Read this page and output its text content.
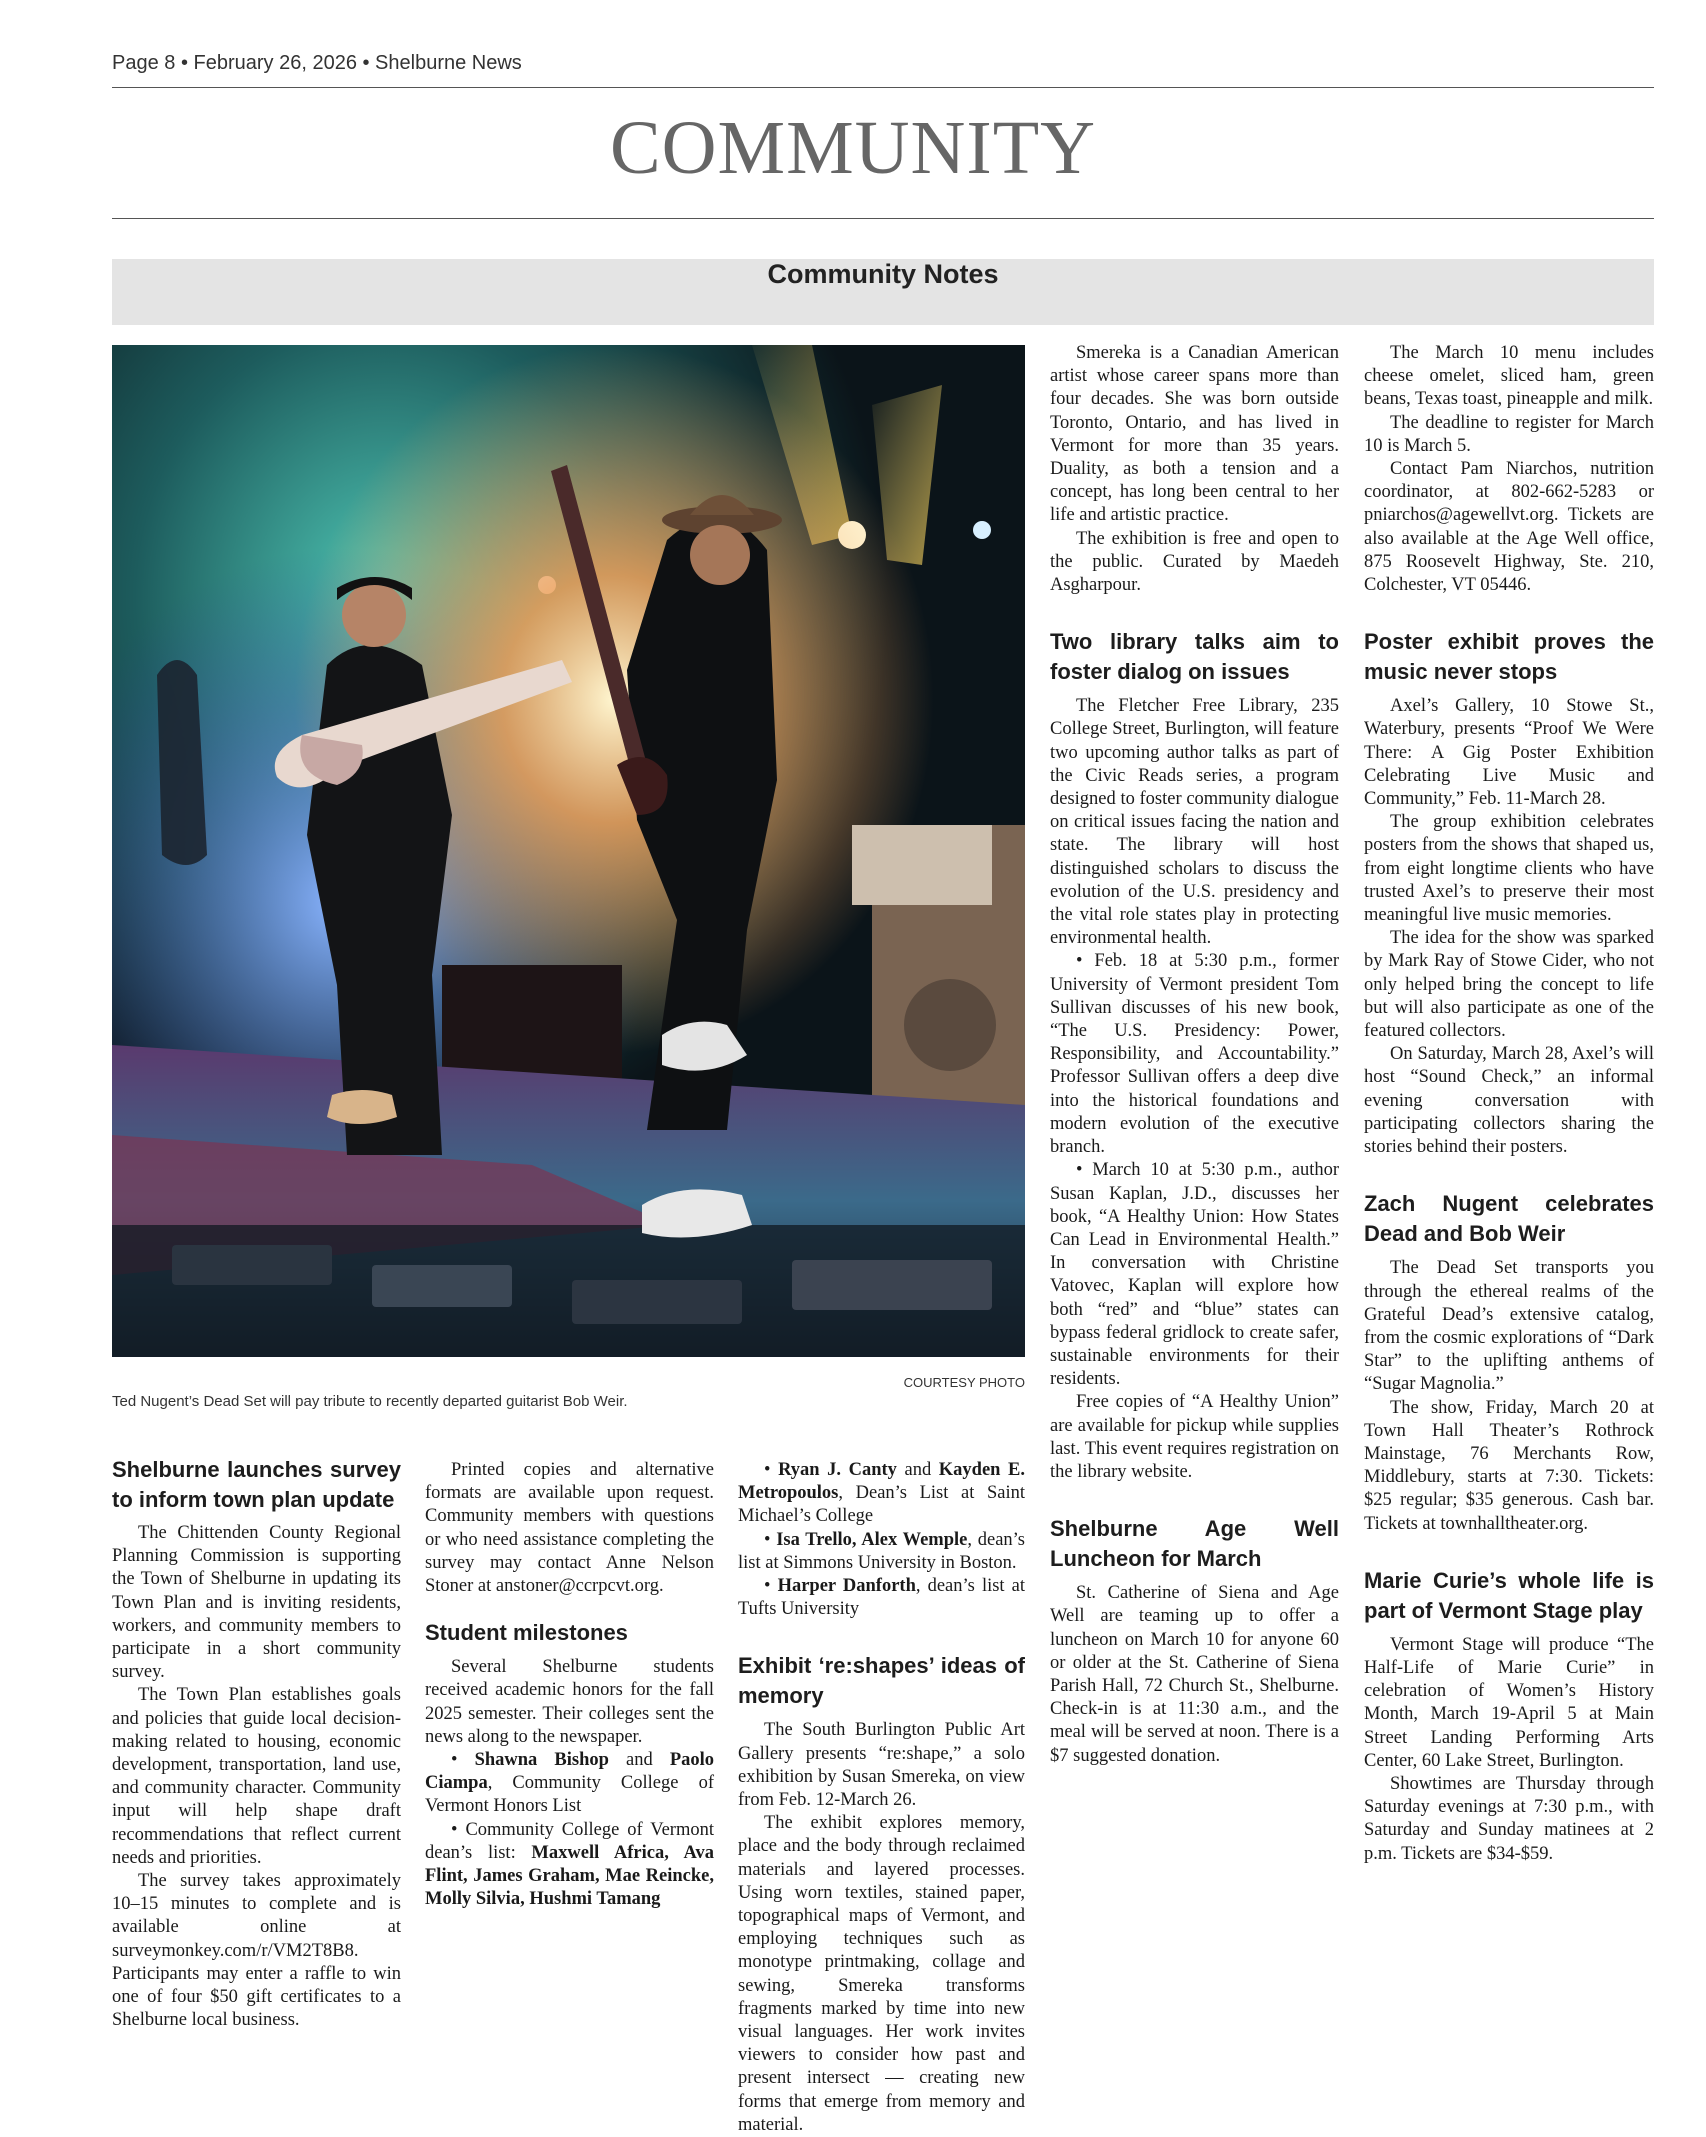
Page 8 • February 26, 2026 • Shelburne News
COMMUNITY
Community Notes
COURTESY PHOTO
Ted Nugent’s Dead Set will pay tribute to recently departed guitarist Bob Weir.
Shelburne launches survey to inform town plan update

The Chittenden County Regional Planning Commission is supporting the Town of Shelburne in updating its Town Plan and is inviting residents, workers, and community members to participate in a short community survey.

The Town Plan establishes goals and policies that guide local decision-making related to housing, economic development, transportation, land use, and community character. Community input will help shape draft recommendations that reflect current needs and priorities.

The survey takes approximately 10–15 minutes to complete and is available online at surveymonkey.com/r/VM2T8B8. Participants may enter a raffle to win one of four $50 gift certificates to a Shelburne local business.

Printed copies and alternative formats are available upon request. Community members with questions or who need assistance completing the survey may contact Anne Nelson Stoner at anstoner@ccrpcvt.org.

Student milestones

Several Shelburne students received academic honors for the fall 2025 semester. Their colleges sent the news along to the newspaper.

• Shawna Bishop and Paolo Ciampa, Community College of Vermont Honors List

• Community College of Vermont dean’s list: Maxwell Africa, Ava Flint, James Graham, Mae Reincke, Molly Silvia, Hushmi Tamang

• Ryan J. Canty and Kayden E. Metropoulos, Dean’s List at Saint Michael’s College

• Isa Trello, Alex Wemple, dean’s list at Simmons University in Boston.

• Harper Danforth, dean’s list at Tufts University

Exhibit ‘re:shapes’ ideas of memory

The South Burlington Public Art Gallery presents “re:shape,” a solo exhibition by Susan Smereka, on view from Feb. 12-March 26.

The exhibit explores memory, place and the body through reclaimed materials and layered processes. Using worn textiles, stained paper, topographical maps of Vermont, and employing techniques such as monotype printmaking, collage and sewing, Smereka transforms fragments marked by time into new visual languages. Her work invites viewers to consider how past and present intersect — creating new forms that emerge from memory and material.

Smereka is a Canadian American artist whose career spans more than four decades. She was born outside Toronto, Ontario, and has lived in Vermont for more than 35 years. Duality, as both a tension and a concept, has long been central to her life and artistic practice.

The exhibition is free and open to the public. Curated by Maedeh Asgharpour.

Two library talks aim to foster dialog on issues

The Fletcher Free Library, 235 College Street, Burlington, will feature two upcoming author talks as part of the Civic Reads series, a program designed to foster community dialogue on critical issues facing the nation and state. The library will host distinguished scholars to discuss the evolution of the U.S. presidency and the vital role states play in protecting environmental health.

• Feb. 18 at 5:30 p.m., former University of Vermont president Tom Sullivan discusses of his new book, “The U.S. Presidency: Power, Responsibility, and Accountability.” Professor Sullivan offers a deep dive into the historical foundations and modern evolution of the executive branch.

• March 10 at 5:30 p.m., author Susan Kaplan, J.D., discusses her book, “A Healthy Union: How States Can Lead in Environmental Health.” In conversation with Christine Vatovec, Kaplan will explore how both “red” and “blue” states can bypass federal gridlock to create safer, sustainable environments for their residents.

Free copies of “A Healthy Union” are available for pickup while supplies last. This event requires registration on the library website.

Shelburne Age Well Luncheon for March

St. Catherine of Siena and Age Well are teaming up to offer a luncheon on March 10 for anyone 60 or older at the St. Catherine of Siena Parish Hall, 72 Church St., Shelburne. Check-in is at 11:30 a.m., and the meal will be served at noon. There is a $7 suggested donation.

The March 10 menu includes cheese omelet, sliced ham, green beans, Texas toast, pineapple and milk.

The deadline to register for March 10 is March 5.

Contact Pam Niarchos, nutrition coordinator, at 802-662-5283 or pniarchos@agewellvt.org. Tickets are also available at the Age Well office, 875 Roosevelt Highway, Ste. 210, Colchester, VT 05446.

Poster exhibit proves the music never stops

Axel’s Gallery, 10 Stowe St., Waterbury, presents “Proof We Were There: A Gig Poster Exhibition Celebrating Live Music and Community,” Feb. 11-March 28.

The group exhibition celebrates posters from the shows that shaped us, from eight longtime clients who have trusted Axel’s to preserve their most meaningful live music memories.

The idea for the show was sparked by Mark Ray of Stowe Cider, who not only helped bring the concept to life but will also participate as one of the featured collectors.

On Saturday, March 28, Axel’s will host “Sound Check,” an informal evening conversation with participating collectors sharing the stories behind their posters.

Zach Nugent celebrates Dead and Bob Weir

The Dead Set transports you through the ethereal realms of the Grateful Dead’s extensive catalog, from the cosmic explorations of “Dark Star” to the uplifting anthems of “Sugar Magnolia.”

The show, Friday, March 20 at Town Hall Theater’s Rothrock Mainstage, 76 Merchants Row, Middlebury, starts at 7:30. Tickets: $25 regular; $35 generous. Cash bar. Tickets at townhalltheater.org.

Marie Curie’s whole life is part of Vermont Stage play

Vermont Stage will produce “The Half-Life of Marie Curie” in celebration of Women’s History Month, March 19-April 5 at Main Street Landing Performing Arts Center, 60 Lake Street, Burlington.

Showtimes are Thursday through Saturday evenings at 7:30 p.m., with Saturday and Sunday matinees at 2 p.m. Tickets are $34-$59.
